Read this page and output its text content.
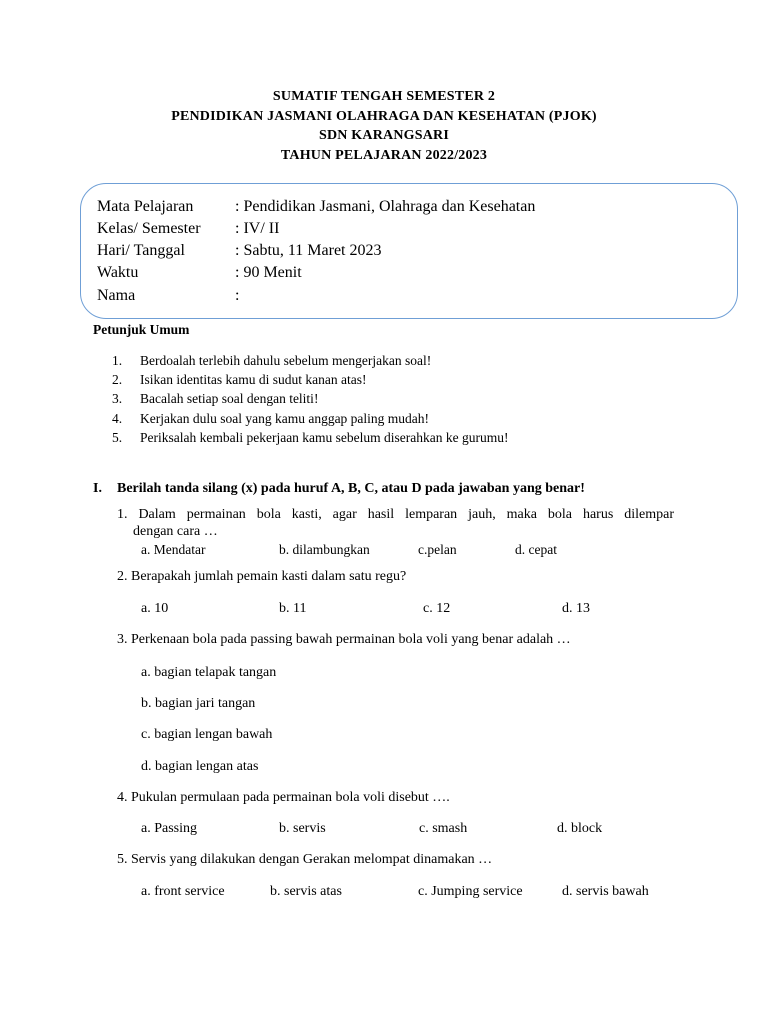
SUMATIF TENGAH SEMESTER 2
PENDIDIKAN JASMANI OLAHRAGA DAN KESEHATAN (PJOK)
SDN KARANGSARI
TAHUN PELAJARAN 2022/2023
Mata Pelajaran	: Pendidikan Jasmani, Olahraga dan Kesehatan
Kelas/ Semester	: IV/ II
Hari/ Tanggal	: Sabtu, 11 Maret 2023
Waktu	: 90 Menit
Nama	:
Petunjuk Umum
1. Berdoalah terlebih dahulu sebelum mengerjakan soal!
2. Isikan identitas kamu di sudut kanan atas!
3. Bacalah setiap soal dengan teliti!
4. Kerjakan dulu soal yang kamu anggap paling mudah!
5. Periksalah kembali pekerjaan kamu sebelum diserahkan ke gurumu!
I. Berilah tanda silang (x) pada huruf A, B, C, atau D pada jawaban yang benar!
1. Dalam permainan bola kasti, agar hasil lemparan jauh, maka bola harus dilempar
dengan cara …
a. Mendatar	b. dilambungkan	c.pelan	d. cepat
2. Berapakah jumlah pemain kasti dalam satu regu?
a. 10	b. 11	c. 12	d. 13
3. Perkenaan bola pada passing bawah permainan bola voli yang benar adalah …
a. bagian telapak tangan
b. bagian jari tangan
c. bagian lengan bawah
d. bagian lengan atas
4. Pukulan permulaan pada permainan bola voli disebut ….
a. Passing	b. servis	c. smash	d. block
5. Servis yang dilakukan dengan Gerakan melompat dinamakan …
a. front service	b. servis atas	c. Jumping service	d. servis bawah
